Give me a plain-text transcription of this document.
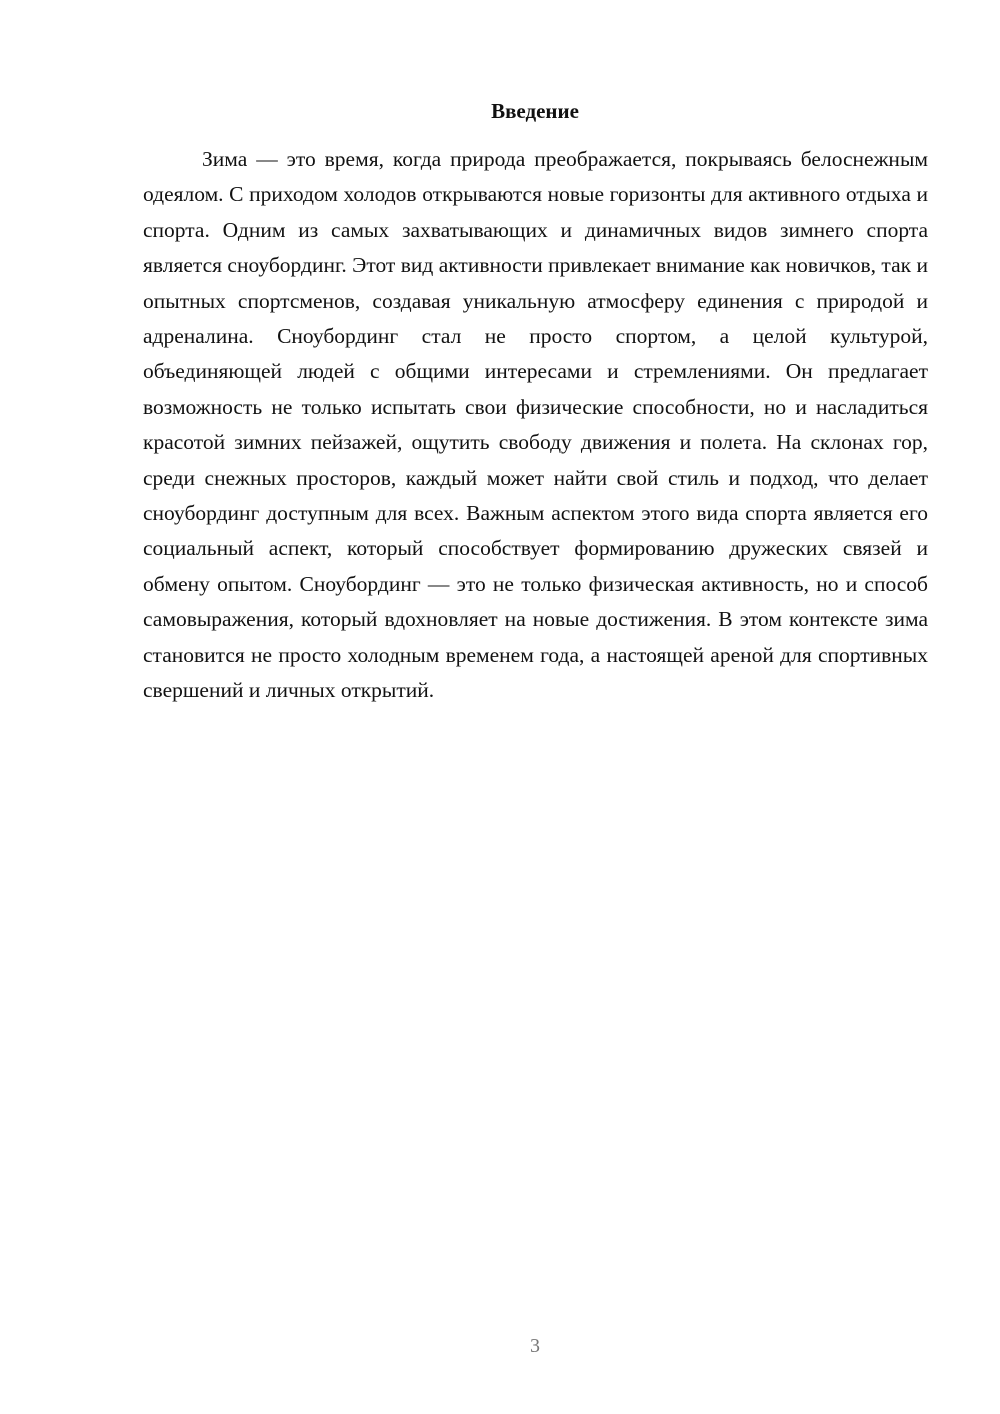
Введение

Зима — это время, когда природа преображается, покрываясь белоснежным одеялом. С приходом холодов открываются новые горизонты для активного отдыха и спорта. Одним из самых захватывающих и динамичных видов зимнего спорта является сноубординг. Этот вид активности привлекает внимание как новичков, так и опытных спортсменов, создавая уникальную атмосферу единения с природой и адреналина. Сноубординг стал не просто спортом, а целой культурой, объединяющей людей с общими интересами и стремлениями. Он предлагает возможность не только испытать свои физические способности, но и насладиться красотой зимних пейзажей, ощутить свободу движения и полета. На склонах гор, среди снежных просторов, каждый может найти свой стиль и подход, что делает сноубординг доступным для всех. Важным аспектом этого вида спорта является его социальный аспект, который способствует формированию дружеских связей и обмену опытом. Сноубординг — это не только физическая активность, но и способ самовыражения, который вдохновляет на новые достижения. В этом контексте зима становится не просто холодным временем года, а настоящей ареной для спортивных свершений и личных открытий.

3
